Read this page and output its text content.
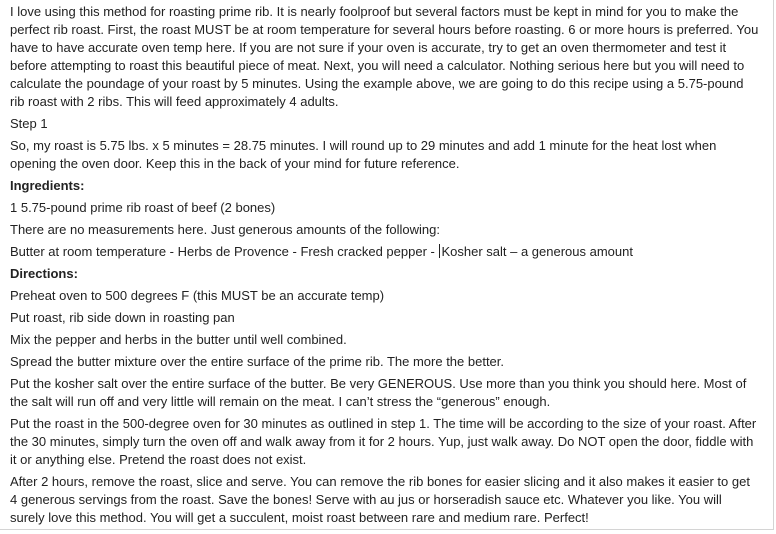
I love using this method for roasting prime rib. It is nearly foolproof but several factors must be kept in mind for you to make the perfect rib roast. First, the roast MUST be at room temperature for several hours before roasting. 6 or more hours is preferred. You have to have accurate oven temp here. If you are not sure if your oven is accurate, try to get an oven thermometer and test it before attempting to roast this beautiful piece of meat. Next, you will need a calculator. Nothing serious here but you will need to calculate the poundage of your roast by 5 minutes. Using the example above, we are going to do this recipe using a 5.75-pound rib roast with 2 ribs. This will feed approximately 4 adults.

Step 1

So, my roast is 5.75 lbs. x 5 minutes = 28.75 minutes. I will round up to 29 minutes and add 1 minute for the heat lost when opening the oven door. Keep this in the back of your mind for future reference.

Ingredients:

1 5.75-pound prime rib roast of beef (2 bones)

There are no measurements here. Just generous amounts of the following:

Butter at room temperature - Herbs de Provence - Fresh cracked pepper - Kosher salt – a generous amount

Directions:

Preheat oven to 500 degrees F (this MUST be an accurate temp)

Put roast, rib side down in roasting pan

Mix the pepper and herbs in the butter until well combined.

Spread the butter mixture over the entire surface of the prime rib. The more the better.

Put the kosher salt over the entire surface of the butter. Be very GENEROUS. Use more than you think you should here. Most of the salt will run off and very little will remain on the meat. I can’t stress the “generous” enough.

Put the roast in the 500-degree oven for 30 minutes as outlined in step 1. The time will be according to the size of your roast. After the 30 minutes, simply turn the oven off and walk away from it for 2 hours. Yup, just walk away. Do NOT open the door, fiddle with it or anything else. Pretend the roast does not exist.

After 2 hours, remove the roast, slice and serve. You can remove the rib bones for easier slicing and it also makes it easier to get 4 generous servings from the roast. Save the bones! Serve with au jus or horseradish sauce etc. Whatever you like. You will surely love this method. You will get a succulent, moist roast between rare and medium rare. Perfect!
